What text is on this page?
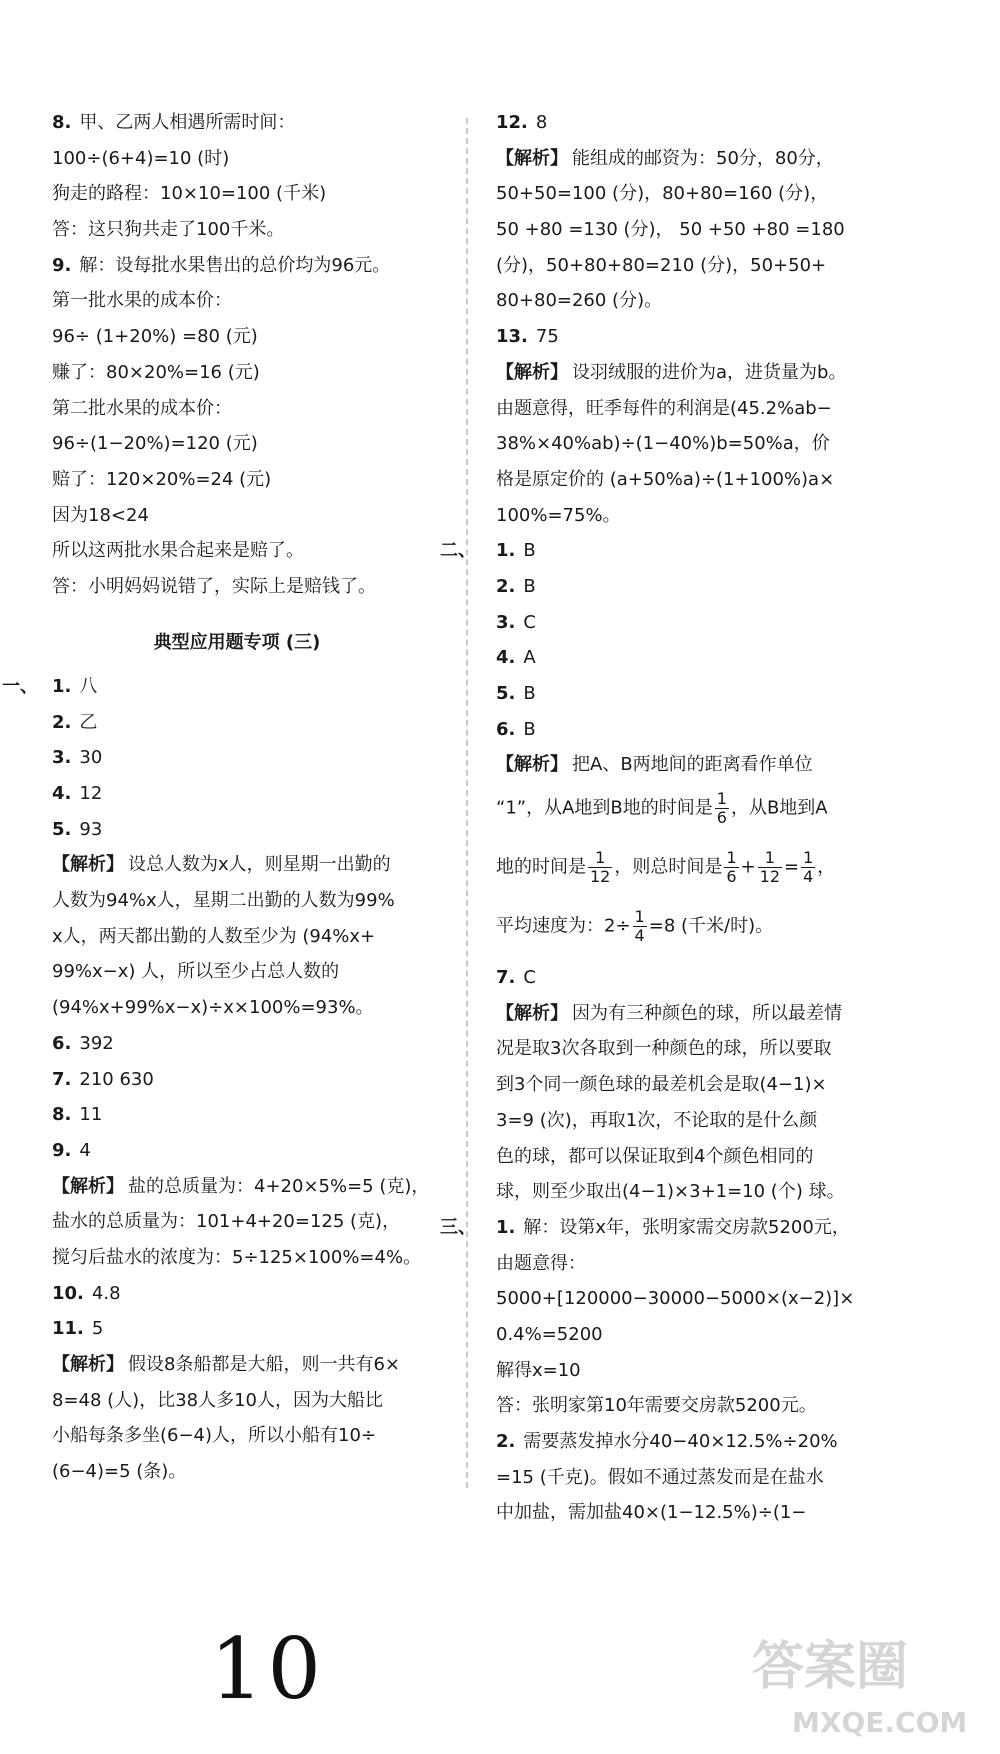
8. 甲、乙两人相遇所需时间：
100÷(6+4)=10 (时)
狗走的路程：10×10=100 (千米)
答：这只狗共走了100千米。
9. 解：设每批水果售出的总价均为96元。
第一批水果的成本价：
96÷ (1+20%) =80 (元)
赚了：80×20%=16 (元)
第二批水果的成本价：
96÷(1−20%)=120 (元)
赔了：120×20%=24 (元)
因为18<24
所以这两批水果合起来是赔了。
答：小明妈妈说错了，实际上是赔钱了。
典型应用题专项 (三)
一、 1. 八
2. 乙
3. 30
4. 12
5. 93
【解析】 设总人数为x人，则星期一出勤的
人数为94%x人，星期二出勤的人数为99%
x人，两天都出勤的人数至少为 (94%x+
99%x−x) 人，所以至少占总人数的
(94%x+99%x−x)÷x×100%=93%。
6. 392
7. 210 630
8. 11
9. 4
【解析】 盐的总质量为：4+20×5%=5 (克)，
盐水的总质量为：101+4+20=125 (克)，
搅匀后盐水的浓度为：5÷125×100%=4%。
10. 4.8
11. 5
【解析】 假设8条船都是大船，则一共有6×
8=48 (人)，比38人多10人，因为大船比
小船每条多坐(6−4)人，所以小船有10÷
(6−4)=5 (条)。
12. 8
【解析】 能组成的邮资为：50分，80分，
50+50=100 (分)，80+80=160 (分)，
50 +80 =130 (分)， 50 +50 +80 =180
(分)，50+80+80=210 (分)，50+50+
80+80=260 (分)。
13. 75
【解析】 设羽绒服的进价为a，进货量为b。
由题意得，旺季每件的利润是(45.2%ab−
38%×40%ab)÷(1−40%)b=50%a，价
格是原定价的 (a+50%a)÷(1+100%)a×
100%=75%。
二、 1. B
2. B
3. C
4. A
5. B
6. B
【解析】 把A、B两地间的距离看作单位
“1”，从A地到B地的时间是 $\frac{1}{6}$ ，从B地到A
地的时间是 $\frac{1}{12}$ ，则总时间是 $\frac{1}{6} + \frac{1}{12} = \frac{1}{4}$ ，
平均速度为：$2\div \frac{1}{4} =8$ (千米/时)。
7. C
【解析】 因为有三种颜色的球，所以最差情
况是取3次各取到一种颜色的球，所以要取
到3个同一颜色球的最差机会是取(4−1)×
3=9 (次)，再取1次，不论取的是什么颜
色的球，都可以保证取到4个颜色相同的
球，则至少取出(4−1)×3+1=10 (个) 球。
三、 1. 解：设第x年，张明家需交房款5200元，
由题意得：
5000+[120000−30000−5000×(x−2)]×
0.4%=5200
解得x=10
答：张明家第10年需要交房款5200元。
2. 需要蒸发掉水分40−40×12.5%÷20%
=15 (千克)。假如不通过蒸发而是在盐水
中加盐，需加盐40×(1−12.5%)÷(1−
10	答案圈
MXQE.COM
